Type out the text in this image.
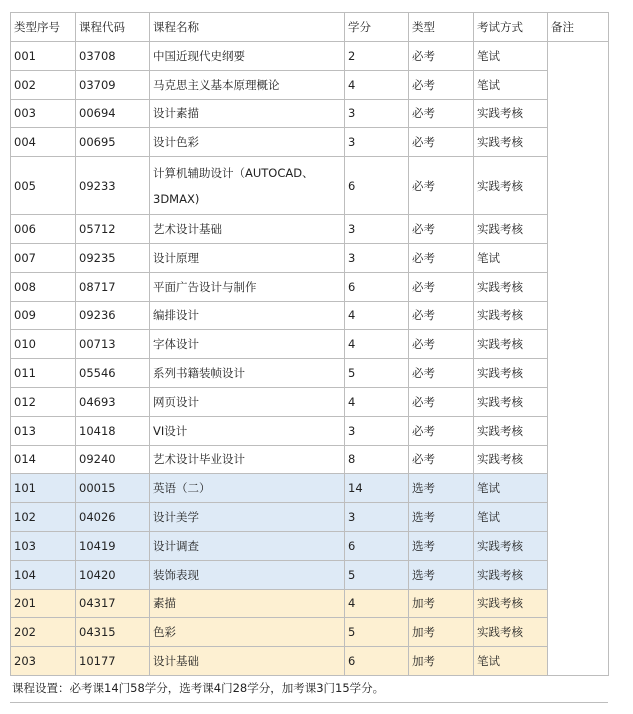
类型序号	课程代码	课程名称	学分	类型	考试方式	备注
001	03708	中国近现代史纲要	2	必考	笔试	
002	03709	马克思主义基本原理概论	4	必考	笔试	
003	00694	设计素描	3	必考	实践考核	
004	00695	设计色彩	3	必考	实践考核	
005	09233	计算机辅助设计（AUTOCAD、3DMAX)	6	必考	实践考核	
006	05712	艺术设计基础	3	必考	实践考核	
007	09235	设计原理	3	必考	笔试	
008	08717	平面广告设计与制作	6	必考	实践考核	
009	09236	编排设计	4	必考	实践考核	
010	00713	字体设计	4	必考	实践考核	
011	05546	系列书籍装帧设计	5	必考	实践考核	
012	04693	网页设计	4	必考	实践考核	
013	10418	VI设计	3	必考	实践考核	
014	09240	艺术设计毕业设计	8	必考	实践考核	
101	00015	英语（二）	14	选考	笔试	
102	04026	设计美学	3	选考	笔试	
103	10419	设计调查	6	选考	实践考核	
104	10420	装饰表现	5	选考	实践考核	
201	04317	素描	4	加考	实践考核	
202	04315	色彩	5	加考	实践考核	
203	10177	设计基础	6	加考	笔试	
课程设置：必考课14门58学分，选考课4门28学分，加考课3门15学分。
